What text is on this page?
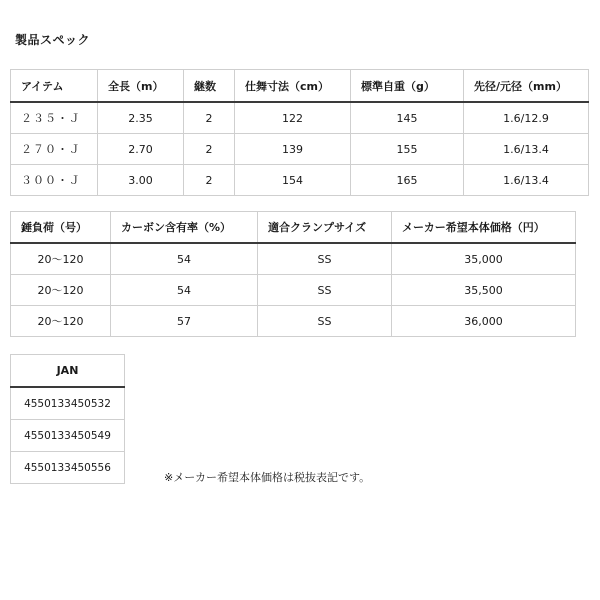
製品スペック
アイテム	全長（m）	継数	仕舞寸法（cm）	標準自重（g）	先径/元径（mm）
２３５・Ｊ	2.35	2	122	145	1.6/12.9
２７０・Ｊ	2.70	2	139	155	1.6/13.4
３００・Ｊ	3.00	2	154	165	1.6/13.4
錘負荷（号）	カーボン含有率（%）	適合クランプサイズ	メーカー希望本体価格（円）
20～120	54	SS	35,000
20～120	54	SS	35,500
20～120	57	SS	36,000
JAN
4550133450532
4550133450549
4550133450556
※メーカー希望本体価格は税抜表記です。
